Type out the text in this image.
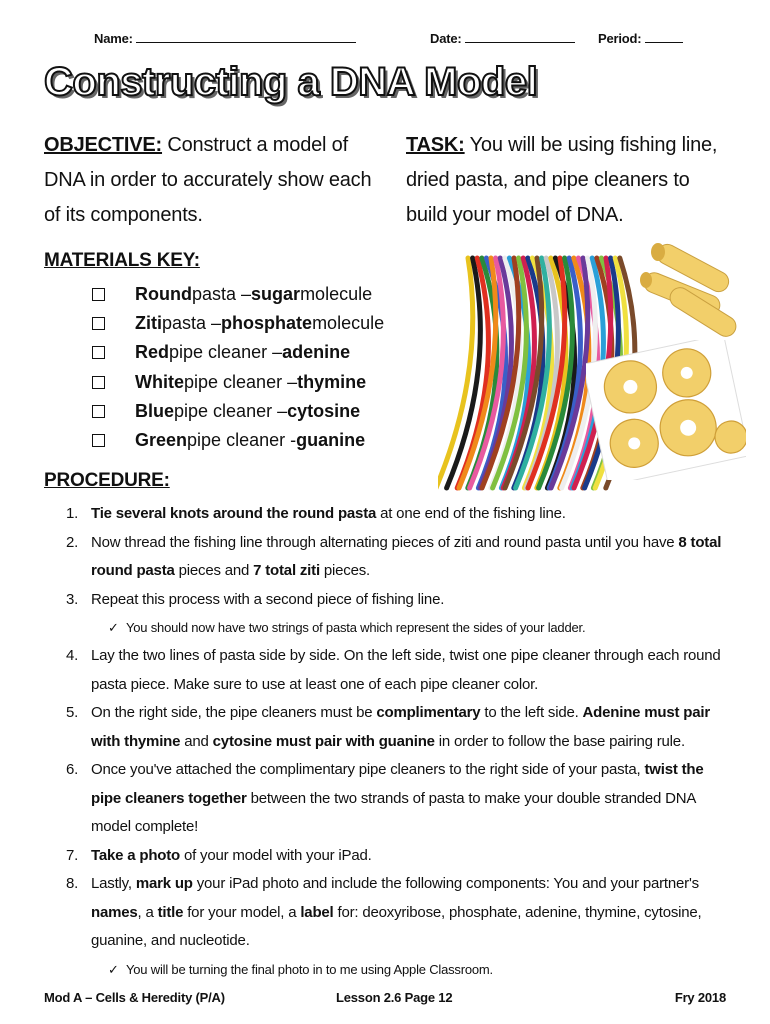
Name:	Date:	Period:
Constructing a DNA Model
OBJECTIVE: Construct a model of DNA in order to accurately show each of its components.
TASK: You will be using fishing line, dried pasta, and pipe cleaners to build your model of DNA.
MATERIALS KEY:
Round pasta – sugar molecule
Ziti pasta – phosphate molecule
Red pipe cleaner – adenine
White pipe cleaner – thymine
Blue pipe cleaner – cytosine
Green pipe cleaner - guanine
PROCEDURE:
1. Tie several knots around the round pasta at one end of the fishing line.
2. Now thread the fishing line through alternating pieces of ziti and round pasta until you have 8 total round pasta pieces and 7 total ziti pieces.
3. Repeat this process with a second piece of fishing line.
✓ You should now have two strings of pasta which represent the sides of your ladder.
4. Lay the two lines of pasta side by side. On the left side, twist one pipe cleaner through each round pasta piece. Make sure to use at least one of each pipe cleaner color.
5. On the right side, the pipe cleaners must be complimentary to the left side. Adenine must pair with thymine and cytosine must pair with guanine in order to follow the base pairing rule.
6. Once you've attached the complimentary pipe cleaners to the right side of your pasta, twist the pipe cleaners together between the two strands of pasta to make your double stranded DNA model complete!
7. Take a photo of your model with your iPad.
8. Lastly, mark up your iPad photo and include the following components: You and your partner's names, a title for your model, a label for: deoxyribose, phosphate, adenine, thymine, cytosine, guanine, and nucleotide.
✓ You will be turning the final photo in to me using Apple Classroom.
Mod A – Cells & Heredity (P/A)	Lesson 2.6 Page 12	Fry 2018
